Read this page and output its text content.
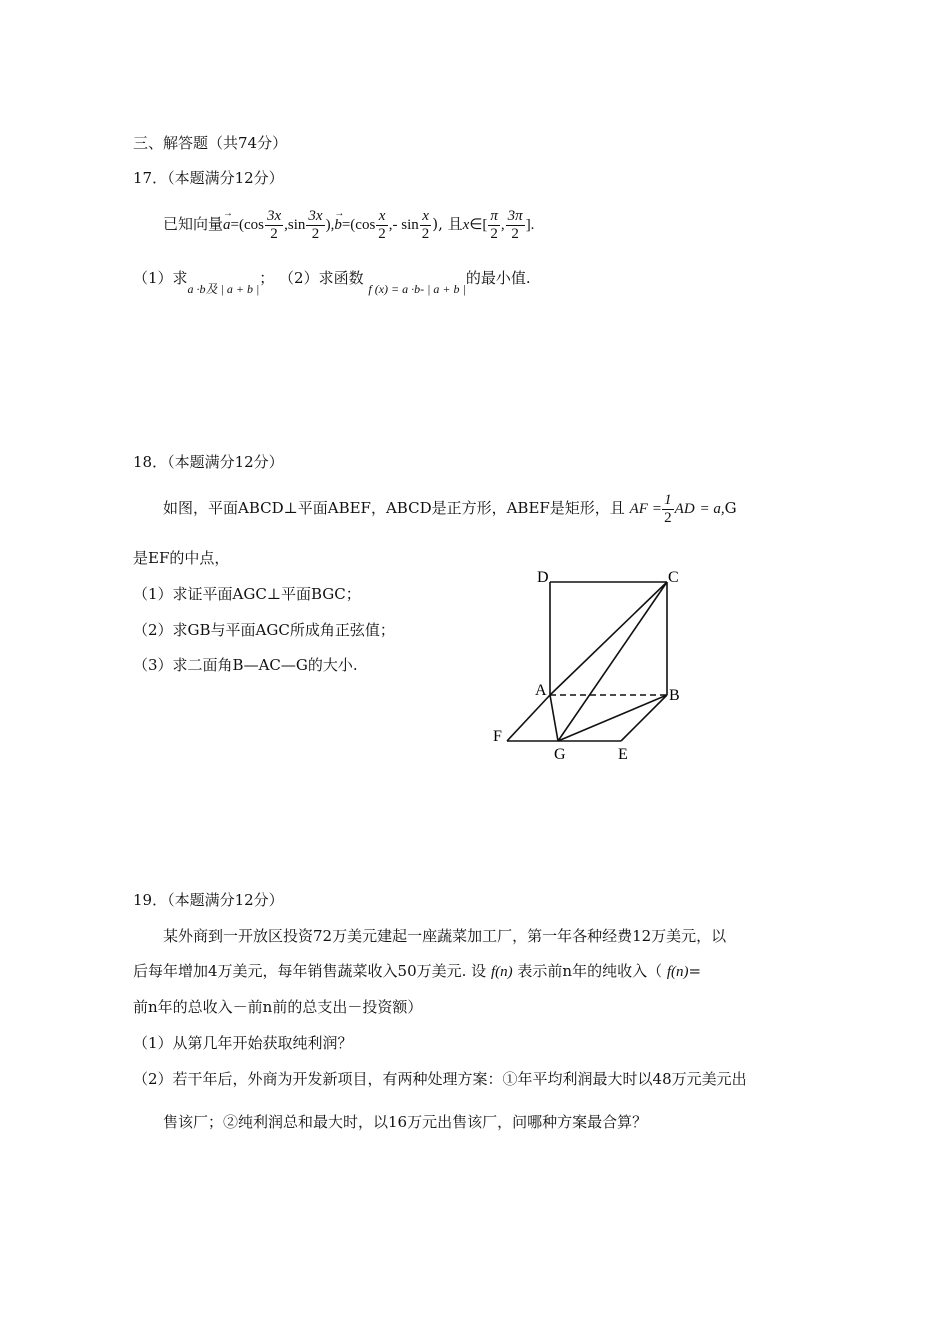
三、解答题（共74分）
17．（本题满分12分）
已知向量→ $a=(\cos \frac{3x}{2} ,\sin \frac{3x}{2}$ ),→ $b=(\cos \frac{x}{2}$ ,- $\sin \frac{x}{2}$ ), 且x∈[ $\frac{\pi}{2}$ , $\frac{3\pi}{2}$ ].
（1）求$_{a \cdot b及 | a + b |}$； （2）求函数 $_{f (x) = a \cdot b- | a + b |}$的最小值.
18．（本题满分12分）
如图，平面ABCD⊥平面ABEF，ABCD是正方形，ABEF是矩形，且 AF = $\frac{1}{2}$ AD = a,G
是EF的中点，
（1）求证平面AGC⊥平面BGC；
（2）求GB与平面AGC所成角正弦值；
（3）求二面角B—AC—G的大小.
D	C
A	B
F
G	E
19．（本题满分12分）
某外商到一开放区投资72万美元建起一座蔬菜加工厂，第一年各种经费12万美元，以
后每年增加4万美元，每年销售蔬菜收入50万美元. 设 f(n) 表示前n年的纯收入（ f(n)=
前n年的总收入－前n前的总支出－投资额）
（1）从第几年开始获取纯利润？
（2）若干年后，外商为开发新项目，有两种处理方案：①年平均利润最大时以48万元美元出
售该厂；②纯利润总和最大时，以16万元出售该厂，问哪种方案最合算？
